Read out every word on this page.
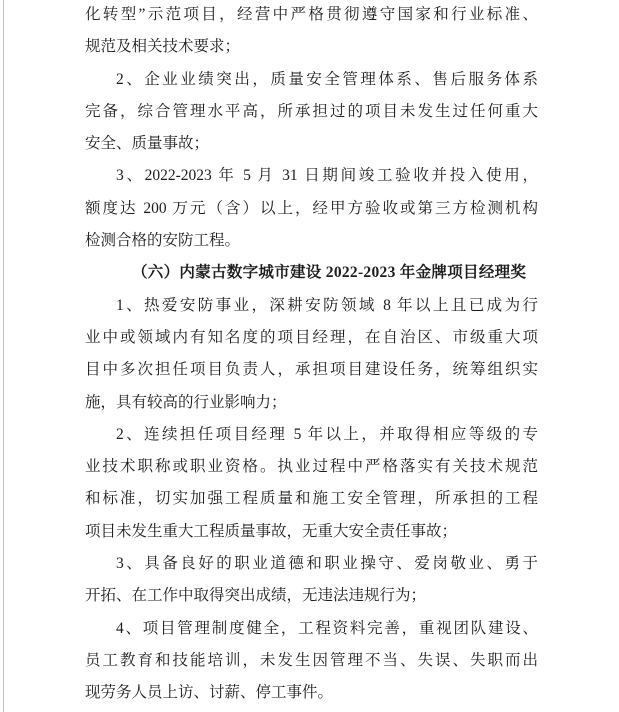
化转型”示范项目，经营中严格贯彻遵守国家和行业标准、
规范及相关技术要求；
2、企业业绩突出，质量安全管理体系、售后服务体系
完备，综合管理水平高，所承担过的项目未发生过任何重大
安全、质量事故；
3、2022-2023 年 5 月 31 日期间竣工验收并投入使用，
额度达 200 万元（含）以上，经甲方验收或第三方检测机构
检测合格的安防工程。
（六）内蒙古数字城市建设 2022-2023 年金牌项目经理奖
1、热爱安防事业，深耕安防领域 8 年以上且已成为行
业中或领域内有知名度的项目经理，在自治区、市级重大项
目中多次担任项目负责人，承担项目建设任务，统筹组织实
施，具有较高的行业影响力；
2、连续担任项目经理 5 年以上，并取得相应等级的专
业技术职称或职业资格。执业过程中严格落实有关技术规范
和标准，切实加强工程质量和施工安全管理，所承担的工程
项目未发生重大工程质量事故，无重大安全责任事故；
3、具备良好的职业道德和职业操守、爱岗敬业、勇于
开拓、在工作中取得突出成绩，无违法违规行为；
4、项目管理制度健全，工程资料完善，重视团队建设、
员工教育和技能培训，未发生因管理不当、失误、失职而出
现劳务人员上访、讨薪、停工事件。
